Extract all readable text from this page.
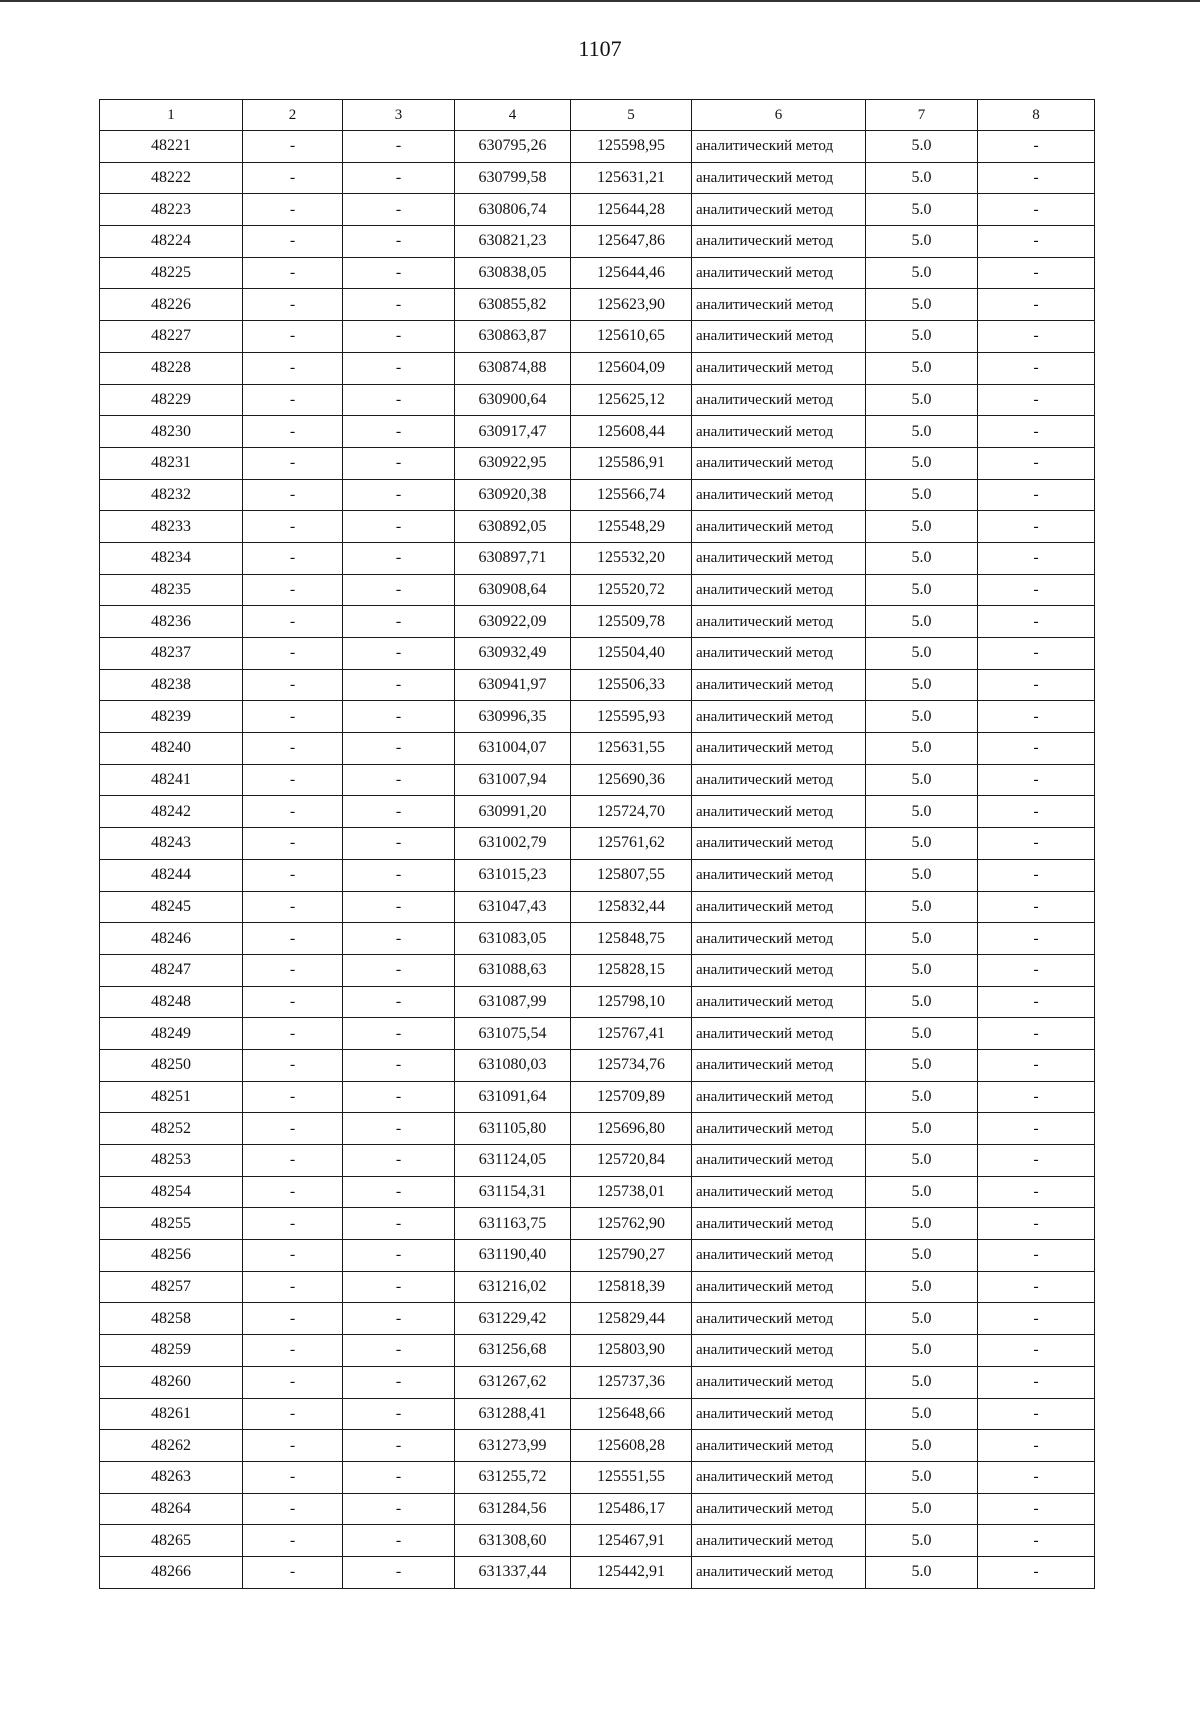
1107
1	2	3	4	5	6	7	8
48221	-	-	630795,26	125598,95	аналитический метод	5.0	-
48222	-	-	630799,58	125631,21	аналитический метод	5.0	-
48223	-	-	630806,74	125644,28	аналитический метод	5.0	-
48224	-	-	630821,23	125647,86	аналитический метод	5.0	-
48225	-	-	630838,05	125644,46	аналитический метод	5.0	-
48226	-	-	630855,82	125623,90	аналитический метод	5.0	-
48227	-	-	630863,87	125610,65	аналитический метод	5.0	-
48228	-	-	630874,88	125604,09	аналитический метод	5.0	-
48229	-	-	630900,64	125625,12	аналитический метод	5.0	-
48230	-	-	630917,47	125608,44	аналитический метод	5.0	-
48231	-	-	630922,95	125586,91	аналитический метод	5.0	-
48232	-	-	630920,38	125566,74	аналитический метод	5.0	-
48233	-	-	630892,05	125548,29	аналитический метод	5.0	-
48234	-	-	630897,71	125532,20	аналитический метод	5.0	-
48235	-	-	630908,64	125520,72	аналитический метод	5.0	-
48236	-	-	630922,09	125509,78	аналитический метод	5.0	-
48237	-	-	630932,49	125504,40	аналитический метод	5.0	-
48238	-	-	630941,97	125506,33	аналитический метод	5.0	-
48239	-	-	630996,35	125595,93	аналитический метод	5.0	-
48240	-	-	631004,07	125631,55	аналитический метод	5.0	-
48241	-	-	631007,94	125690,36	аналитический метод	5.0	-
48242	-	-	630991,20	125724,70	аналитический метод	5.0	-
48243	-	-	631002,79	125761,62	аналитический метод	5.0	-
48244	-	-	631015,23	125807,55	аналитический метод	5.0	-
48245	-	-	631047,43	125832,44	аналитический метод	5.0	-
48246	-	-	631083,05	125848,75	аналитический метод	5.0	-
48247	-	-	631088,63	125828,15	аналитический метод	5.0	-
48248	-	-	631087,99	125798,10	аналитический метод	5.0	-
48249	-	-	631075,54	125767,41	аналитический метод	5.0	-
48250	-	-	631080,03	125734,76	аналитический метод	5.0	-
48251	-	-	631091,64	125709,89	аналитический метод	5.0	-
48252	-	-	631105,80	125696,80	аналитический метод	5.0	-
48253	-	-	631124,05	125720,84	аналитический метод	5.0	-
48254	-	-	631154,31	125738,01	аналитический метод	5.0	-
48255	-	-	631163,75	125762,90	аналитический метод	5.0	-
48256	-	-	631190,40	125790,27	аналитический метод	5.0	-
48257	-	-	631216,02	125818,39	аналитический метод	5.0	-
48258	-	-	631229,42	125829,44	аналитический метод	5.0	-
48259	-	-	631256,68	125803,90	аналитический метод	5.0	-
48260	-	-	631267,62	125737,36	аналитический метод	5.0	-
48261	-	-	631288,41	125648,66	аналитический метод	5.0	-
48262	-	-	631273,99	125608,28	аналитический метод	5.0	-
48263	-	-	631255,72	125551,55	аналитический метод	5.0	-
48264	-	-	631284,56	125486,17	аналитический метод	5.0	-
48265	-	-	631308,60	125467,91	аналитический метод	5.0	-
48266	-	-	631337,44	125442,91	аналитический метод	5.0	-
